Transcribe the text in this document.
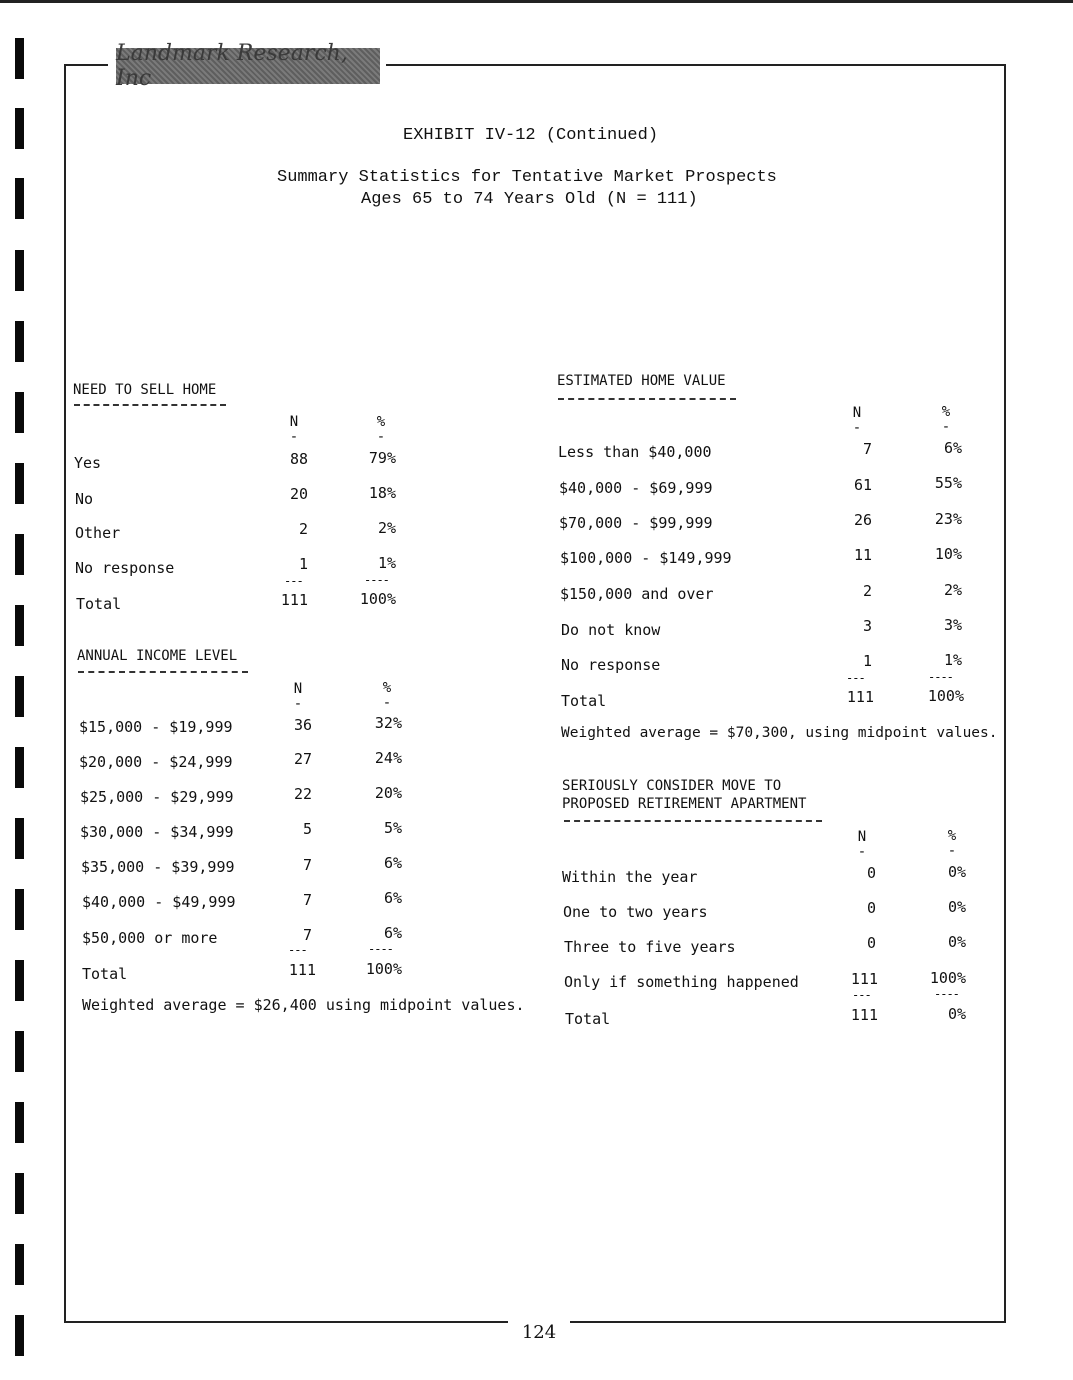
Landmark Research, Inc
124
EXHIBIT IV-12 (Continued)
Summary Statistics for Tentative Market Prospects
Ages 65 to 74 Years Old (N = 111)
NEED TO SELL HOME
N
-
%
-
Yes	88	79%
No	20	18%
Other	2	2%
No response	1	1%
---	----
Total	111	100%
ANNUAL INCOME LEVEL
N
-
%
-
$15,000 - $19,999	36	32%
$20,000 - $24,999	27	24%
$25,000 - $29,999	22	20%
$30,000 - $34,999	5	5%
$35,000 - $39,999	7	6%
$40,000 - $49,999	7	6%
$50,000 or more	7	6%
---	----
Total	111	100%
Weighted average = $26,400 using midpoint values.
ESTIMATED HOME VALUE
N
-
%
-
Less than $40,000	7	6%
$40,000 - $69,999	61	55%
$70,000 - $99,999	26	23%
$100,000 - $149,999	11	10%
$150,000 and over	2	2%
Do not know	3	3%
No response	1	1%
---	----
Total	111	100%
Weighted average = $70,300, using midpoint values.
SERIOUSLY CONSIDER MOVE TO
PROPOSED RETIREMENT APARTMENT
N
-
%
-
Within the year	0	0%
One to two years	0	0%
Three to five years	0	0%
Only if something happened	111	100%
---	----
Total	111	0%
